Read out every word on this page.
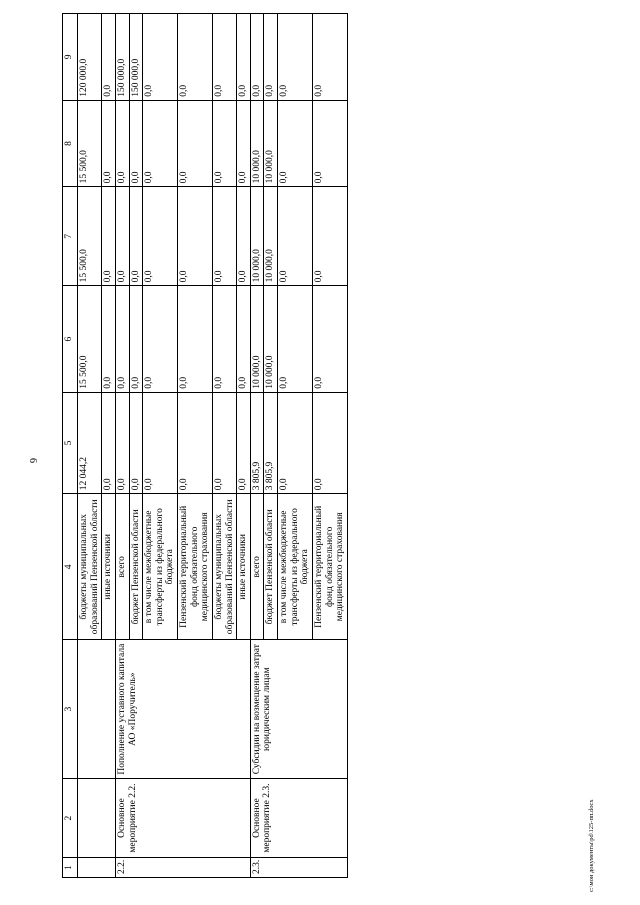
6
1	2	3	4	5	6	7	8	9
			бюджеты муниципальных образований Пензенской области	12 044,2	15 500,0	15 500,0	15 500,0	120 000,0
			иные источники	0,0	0,0	0,0	0,0	0,0
2.2.	Основное мероприятие 2.2.	Пополнение уставного капитала АО «Поручитель»	всего	0,0	0,0	0,0	0,0	150 000,0
			бюджет Пензенской области	0,0	0,0	0,0	0,0	150 000,0
			в том числе межбюджетные трансферты из федерального бюджета	0,0	0,0	0,0	0,0	0,0
			Пензенский территориальный фонд обязательного медицинского страхования	0,0	0,0	0,0	0,0	0,0
			бюджеты муниципальных образований Пензенской области	0,0	0,0	0,0	0,0	0,0
			иные источники	0,0	0,0	0,0	0,0	0,0
2.3.	Основное мероприятие 2.3.	Субсидии на возмещение затрат юридическим лицам	всего	3 805,9	10 000,0	10 000,0	10 000,0	0,0
			бюджет Пензенской области	3 805,9	10 000,0	10 000,0	10 000,0	0,0
			в том числе межбюджетные трансферты из федерального бюджета	0,0	0,0	0,0	0,0	0,0
			Пензенский территориальный фонд обязательного медицинского страхования	0,0	0,0	0,0	0,0	0,0
c:\мои документы\pd\125-пп.docx
